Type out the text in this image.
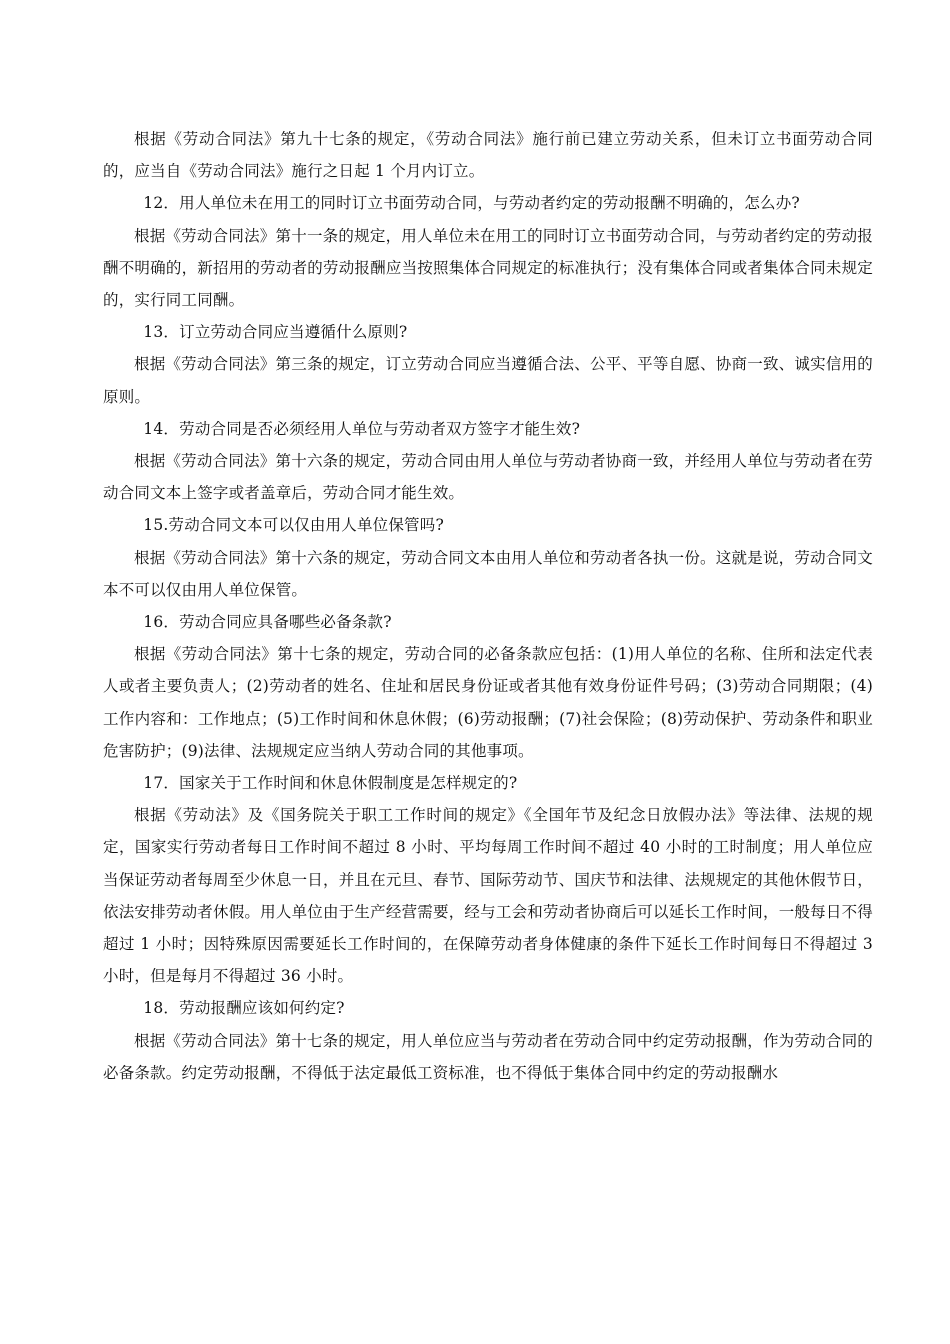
根据《劳动合同法》第九十七条的规定，《劳动合同法》施行前已建立劳动关系，但未订立书面劳动合同的，应当自《劳动合同法》施行之日起 1 个月内订立。

12．用人单位未在用工的同时订立书面劳动合同，与劳动者约定的劳动报酬不明确的，怎么办?

根据《劳动合同法》第十一条的规定，用人单位未在用工的同时订立书面劳动合同，与劳动者约定的劳动报酬不明确的，新招用的劳动者的劳动报酬应当按照集体合同规定的标准执行；没有集体合同或者集体合同未规定的，实行同工同酬。

13．订立劳动合同应当遵循什么原则?

根据《劳动合同法》第三条的规定，订立劳动合同应当遵循合法、公平、平等自愿、协商一致、诚实信用的原则。

14．劳动合同是否必须经用人单位与劳动者双方签字才能生效?

根据《劳动合同法》第十六条的规定，劳动合同由用人单位与劳动者协商一致，并经用人单位与劳动者在劳动合同文本上签字或者盖章后，劳动合同才能生效。

15.劳动合同文本可以仅由用人单位保管吗?

根据《劳动合同法》第十六条的规定，劳动合同文本由用人单位和劳动者各执一份。这就是说，劳动合同文本不可以仅由用人单位保管。

16．劳动合同应具备哪些必备条款?

根据《劳动合同法》第十七条的规定，劳动合同的必备条款应包括：(1)用人单位的名称、住所和法定代表人或者主要负责人；(2)劳动者的姓名、住址和居民身份证或者其他有效身份证件号码；(3)劳动合同期限；(4)工作内容和：工作地点；(5)工作时间和休息休假；(6)劳动报酬；(7)社会保险；(8)劳动保护、劳动条件和职业危害防护；(9)法律、法规规定应当纳人劳动合同的其他事项。

17．国家关于工作时间和休息休假制度是怎样规定的?

根据《劳动法》及《国务院关于职工工作时间的规定》《全国年节及纪念日放假办法》等法律、法规的规定，国家实行劳动者每日工作时间不超过 8 小时、平均每周工作时间不超过 40 小时的工时制度；用人单位应当保证劳动者每周至少休息一日，并且在元旦、春节、国际劳动节、国庆节和法律、法规规定的其他休假节日，依法安排劳动者休假。用人单位由于生产经营需要，经与工会和劳动者协商后可以延长工作时间，一般每日不得超过 1 小时；因特殊原因需要延长工作时间的，在保障劳动者身体健康的条件下延长工作时间每日不得超过 3 小时，但是每月不得超过 36 小时。

18．劳动报酬应该如何约定?

根据《劳动合同法》第十七条的规定，用人单位应当与劳动者在劳动合同中约定劳动报酬，作为劳动合同的必备条款。约定劳动报酬，不得低于法定最低工资标准，也不得低于集体合同中约定的劳动报酬水
